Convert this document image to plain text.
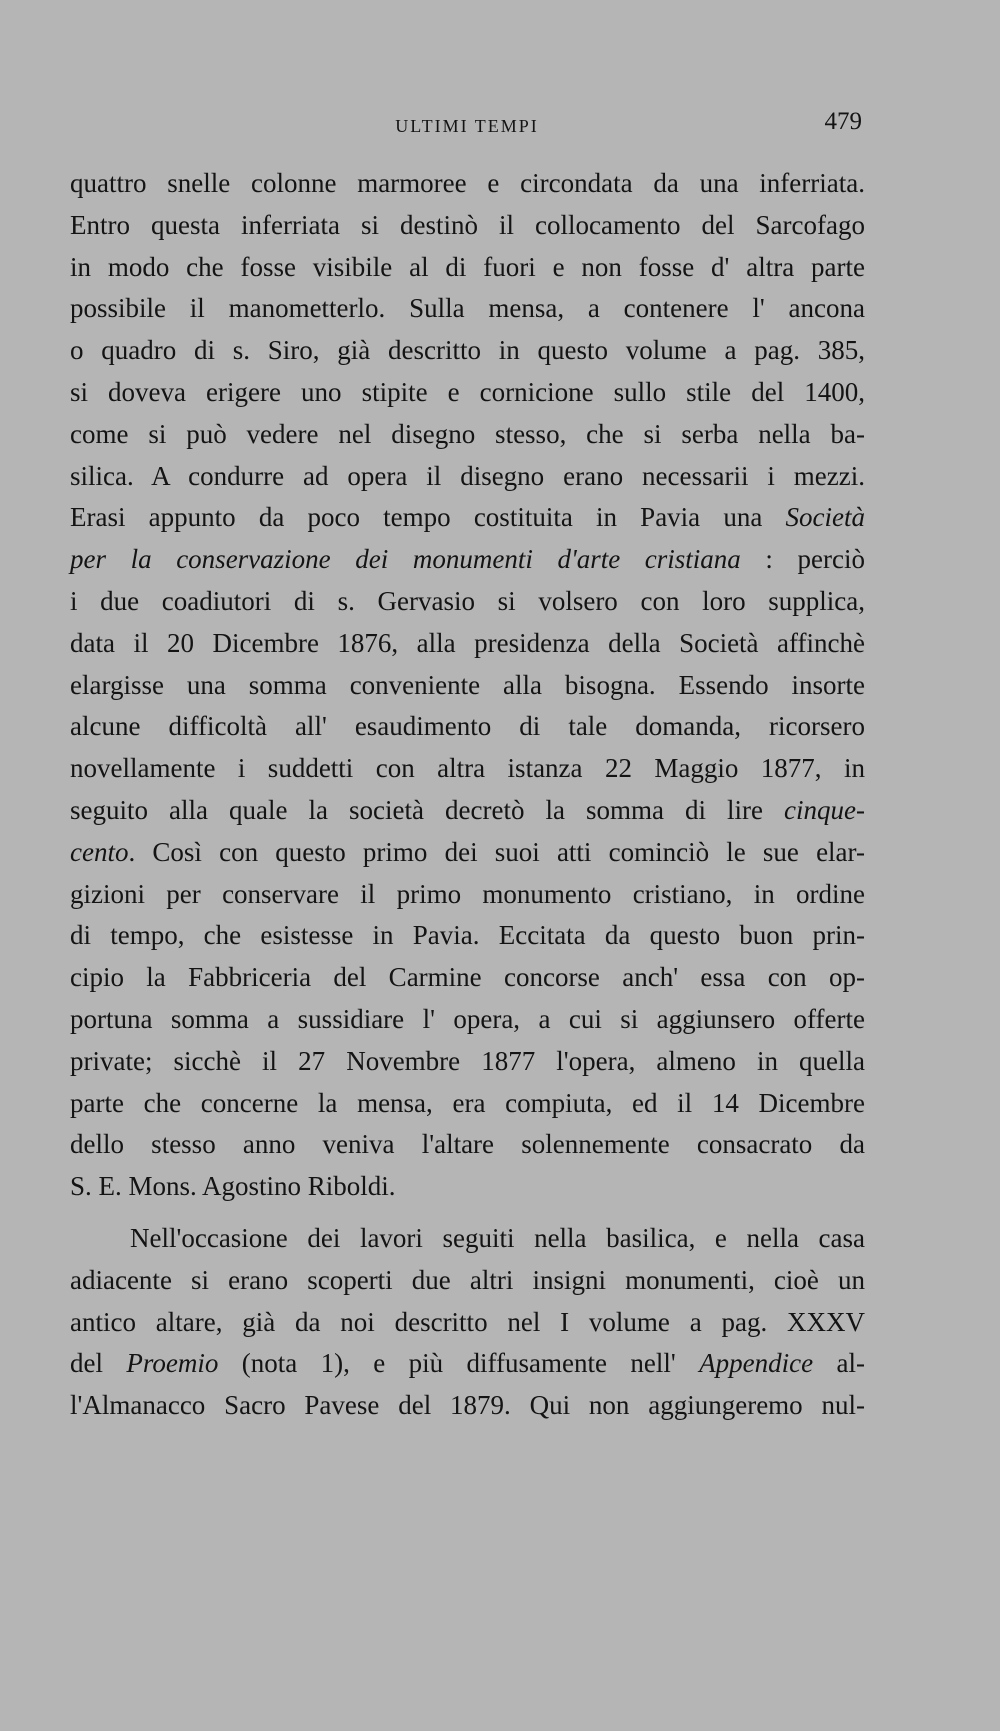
ULTIMI TEMPI	479
quattro snelle colonne marmoree e circondata da una inferriata.
Entro questa inferriata si destinò il collocamento del Sarcofago
in modo che fosse visibile al di fuori e non fosse d' altra parte
possibile il manometterlo. Sulla mensa, a contenere l' ancona
o quadro di s. Siro, già descritto in questo volume a pag. 385,
si doveva erigere uno stipite e cornicione sullo stile del 1400,
come si può vedere nel disegno stesso, che si serba nella ba-
silica. A condurre ad opera il disegno erano necessarii i mezzi.
Erasi appunto da poco tempo costituita in Pavia una Società
per la conservazione dei monumenti d'arte cristiana : perciò
i due coadiutori di s. Gervasio si volsero con loro supplica,
data il 20 Dicembre 1876, alla presidenza della Società affinchè
elargisse una somma conveniente alla bisogna. Essendo insorte
alcune difficoltà all' esaudimento di tale domanda, ricorsero
novellamente i suddetti con altra istanza 22 Maggio 1877, in
seguito alla quale la società decretò la somma di lire cinque-
cento. Così con questo primo dei suoi atti cominciò le sue elar-
gizioni per conservare il primo monumento cristiano, in ordine
di tempo, che esistesse in Pavia. Eccitata da questo buon prin-
cipio la Fabbriceria del Carmine concorse anch' essa con op-
portuna somma a sussidiare l' opera, a cui si aggiunsero offerte
private; sicchè il 27 Novembre 1877 l'opera, almeno in quella
parte che concerne la mensa, era compiuta, ed il 14 Dicembre
dello stesso anno veniva l'altare solennemente consacrato da
S. E. Mons. Agostino Riboldi.
Nell'occasione dei lavori seguiti nella basilica, e nella casa
adiacente si erano scoperti due altri insigni monumenti, cioè un
antico altare, già da noi descritto nel I volume a pag. XXXV
del Proemio (nota 1), e più diffusamente nell' Appendice al-
l'Almanacco Sacro Pavese del 1879. Qui non aggiungeremo nul-
